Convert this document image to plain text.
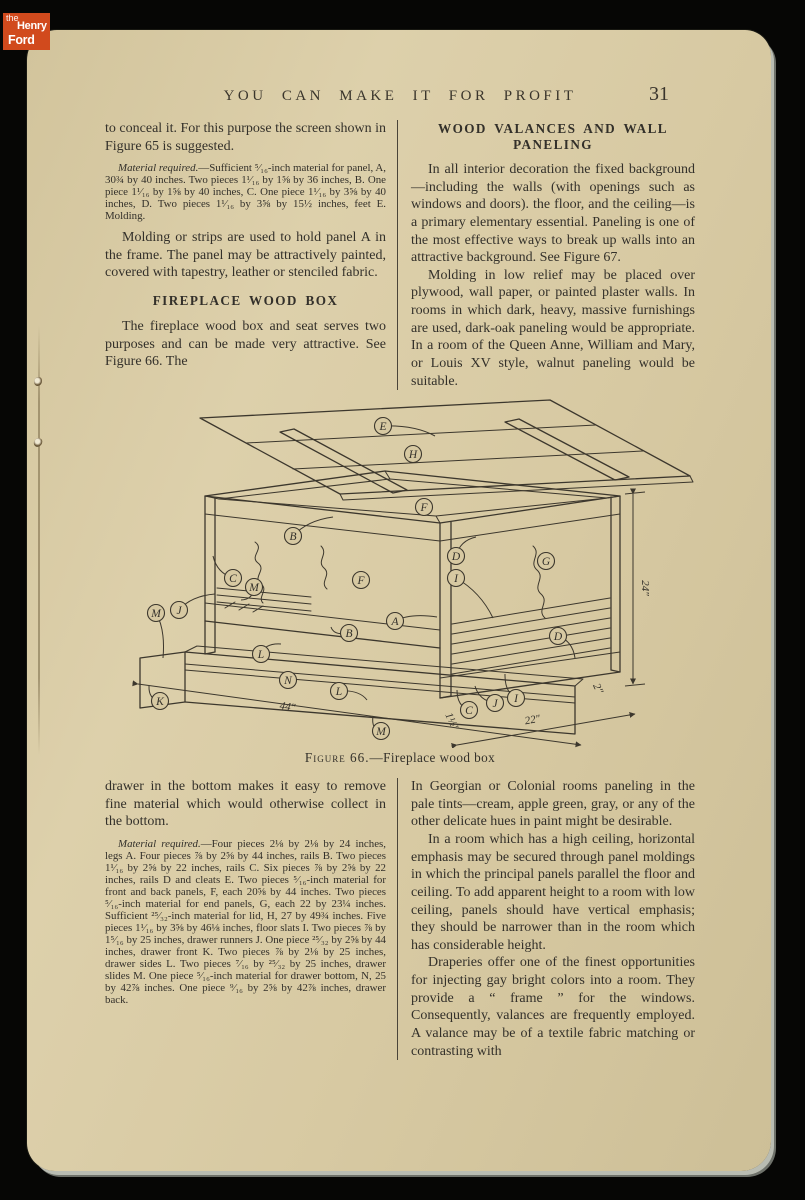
YOU CAN MAKE IT FOR PROFIT	31

to conceal it. For this purpose the screen shown in Figure 65 is suggested.

Material required.—Sufficient ⁵⁄₁₆-inch material for panel, A, 30¾ by 40 inches. Two pieces 1¹⁄₁₆ by 1⅝ by 36 inches, B. One piece 1¹⁄₁₆ by 1⅝ by 40 inches, C. One piece 1¹⁄₁₆ by 3⅝ by 40 inches, D. Two pieces 1¹⁄₁₆ by 3⅝ by 15½ inches, feet E. Molding.

Molding or strips are used to hold panel A in the frame. The panel may be attractively painted, covered with tapestry, leather or stenciled fabric.

FIREPLACE WOOD BOX

The fireplace wood box and seat serves two purposes and can be made very attractive. See Figure 66. The

WOOD VALANCES AND WALL PANELING

In all interior decoration the fixed background—including the walls (with openings such as windows and doors). the floor, and the ceiling—is a primary elementary essential. Paneling is one of the most effective ways to break up walls into an attractive background. See Figure 67.

Molding in low relief may be placed over plywood, wall paper, or painted plaster walls. In rooms in which dark, heavy, massive furnishings are used, dark-oak paneling would be appropriate. In a room of the Queen Anne, William and Mary, or Louis XV style, walnut paneling would be suitable.

E
H
F
B
D	G
C	F
M
J
M
A
B	D
I
L
N
L
K	I
J
C
M
44″
22″
24″
1½″
2″
Figure 66.—Fireplace wood box

drawer in the bottom makes it easy to remove fine material which would otherwise collect in the bottom.

Material required.—Four pieces 2⅛ by 2⅛ by 24 inches, legs A. Four pieces ⅞ by 2⅝ by 44 inches, rails B. Two pieces 1¹⁄₁₆ by 2⅝ by 22 inches, rails C. Six pieces ⅞ by 2⅝ by 22 inches, rails D and cleats E. Two pieces ⁵⁄₁₆-inch material for front and back panels, F, each 20⅝ by 44 inches. Two pieces ⁵⁄₁₆-inch material for end panels, G, each 22 by 23¼ inches. Sufficient ²⁵⁄₃₂-inch material for lid, H, 27 by 49¾ inches. Five pieces 1¹⁄₁₆ by 3⅝ by 46⅛ inches, floor slats I. Two pieces ⅞ by 1⁵⁄₁₆ by 25 inches, drawer runners J. One piece ²⁵⁄₃₂ by 2⅝ by 44 inches, drawer front K. Two pieces ⅞ by 2⅛ by 25 inches, drawer sides L. Two pieces ⁷⁄₁₆ by ²⁵⁄₃₂ by 25 inches, drawer slides M. One piece ⁵⁄₁₆-inch material for drawer bottom, N, 25 by 42⅞ inches. One piece ⁹⁄₁₆ by 2⅝ by 42⅞ inches, drawer back.

In Georgian or Colonial rooms paneling in the pale tints—cream, apple green, gray, or any of the other delicate hues in paint might be desirable.

In a room which has a high ceiling, horizontal emphasis may be secured through panel moldings in which the principal panels parallel the floor and ceiling. To add apparent height to a room with low ceiling, panels should have vertical emphasis; they should be narrower than in the room which has considerable height.

Draperies offer one of the finest opportunities for injecting gay bright colors into a room. They provide a “ frame ” for the windows. Consequently, valances are frequently employed. A valance may be of a textile fabric matching or contrasting with

the
Henry
Ford
